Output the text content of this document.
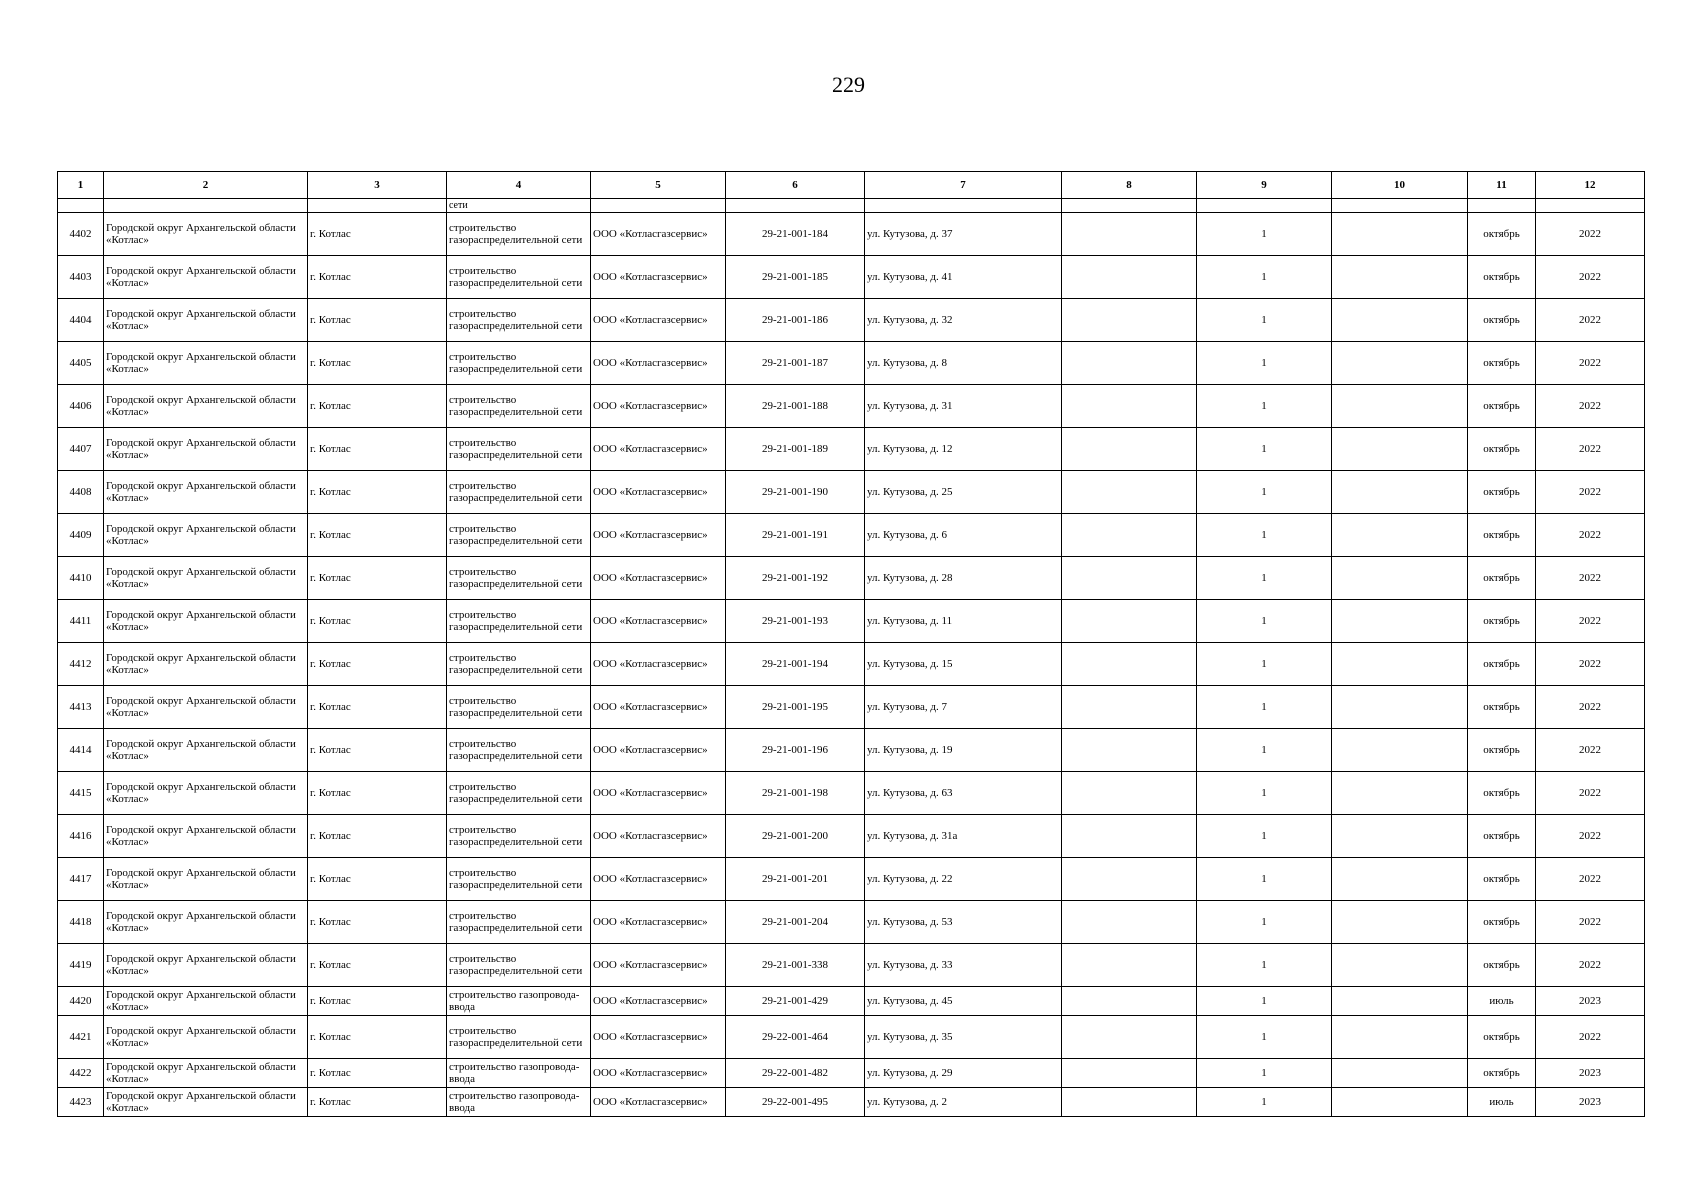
229
1	2	3	4	5	6	7	8	9	10	11	12
			сети								
4402	Городской округ Архангельской области «Котлас»	г. Котлас	строительство газораспределительной сети	ООО «Котласгазсервис»	29-21-001-184	ул. Кутузова, д. 37		1		октябрь	2022
4403	Городской округ Архангельской области «Котлас»	г. Котлас	строительство газораспределительной сети	ООО «Котласгазсервис»	29-21-001-185	ул. Кутузова, д. 41		1		октябрь	2022
4404	Городской округ Архангельской области «Котлас»	г. Котлас	строительство газораспределительной сети	ООО «Котласгазсервис»	29-21-001-186	ул. Кутузова, д. 32		1		октябрь	2022
4405	Городской округ Архангельской области «Котлас»	г. Котлас	строительство газораспределительной сети	ООО «Котласгазсервис»	29-21-001-187	ул. Кутузова, д. 8		1		октябрь	2022
4406	Городской округ Архангельской области «Котлас»	г. Котлас	строительство газораспределительной сети	ООО «Котласгазсервис»	29-21-001-188	ул. Кутузова, д. 31		1		октябрь	2022
4407	Городской округ Архангельской области «Котлас»	г. Котлас	строительство газораспределительной сети	ООО «Котласгазсервис»	29-21-001-189	ул. Кутузова, д. 12		1		октябрь	2022
4408	Городской округ Архангельской области «Котлас»	г. Котлас	строительство газораспределительной сети	ООО «Котласгазсервис»	29-21-001-190	ул. Кутузова, д. 25		1		октябрь	2022
4409	Городской округ Архангельской области «Котлас»	г. Котлас	строительство газораспределительной сети	ООО «Котласгазсервис»	29-21-001-191	ул. Кутузова, д. 6		1		октябрь	2022
4410	Городской округ Архангельской области «Котлас»	г. Котлас	строительство газораспределительной сети	ООО «Котласгазсервис»	29-21-001-192	ул. Кутузова, д. 28		1		октябрь	2022
4411	Городской округ Архангельской области «Котлас»	г. Котлас	строительство газораспределительной сети	ООО «Котласгазсервис»	29-21-001-193	ул. Кутузова, д. 11		1		октябрь	2022
4412	Городской округ Архангельской области «Котлас»	г. Котлас	строительство газораспределительной сети	ООО «Котласгазсервис»	29-21-001-194	ул. Кутузова, д. 15		1		октябрь	2022
4413	Городской округ Архангельской области «Котлас»	г. Котлас	строительство газораспределительной сети	ООО «Котласгазсервис»	29-21-001-195	ул. Кутузова, д. 7		1		октябрь	2022
4414	Городской округ Архангельской области «Котлас»	г. Котлас	строительство газораспределительной сети	ООО «Котласгазсервис»	29-21-001-196	ул. Кутузова, д. 19		1		октябрь	2022
4415	Городской округ Архангельской области «Котлас»	г. Котлас	строительство газораспределительной сети	ООО «Котласгазсервис»	29-21-001-198	ул. Кутузова, д. 63		1		октябрь	2022
4416	Городской округ Архангельской области «Котлас»	г. Котлас	строительство газораспределительной сети	ООО «Котласгазсервис»	29-21-001-200	ул. Кутузова, д. 31а		1		октябрь	2022
4417	Городской округ Архангельской области «Котлас»	г. Котлас	строительство газораспределительной сети	ООО «Котласгазсервис»	29-21-001-201	ул. Кутузова, д. 22		1		октябрь	2022
4418	Городской округ Архангельской области «Котлас»	г. Котлас	строительство газораспределительной сети	ООО «Котласгазсервис»	29-21-001-204	ул. Кутузова, д. 53		1		октябрь	2022
4419	Городской округ Архангельской области «Котлас»	г. Котлас	строительство газораспределительной сети	ООО «Котласгазсервис»	29-21-001-338	ул. Кутузова, д. 33		1		октябрь	2022
4420	Городской округ Архангельской области «Котлас»	г. Котлас	строительство газопровода-ввода	ООО «Котласгазсервис»	29-21-001-429	ул. Кутузова, д. 45		1		июль	2023
4421	Городской округ Архангельской области «Котлас»	г. Котлас	строительство газораспределительной сети	ООО «Котласгазсервис»	29-22-001-464	ул. Кутузова, д. 35		1		октябрь	2022
4422	Городской округ Архангельской области «Котлас»	г. Котлас	строительство газопровода-ввода	ООО «Котласгазсервис»	29-22-001-482	ул. Кутузова, д. 29		1		октябрь	2023
4423	Городской округ Архангельской области «Котлас»	г. Котлас	строительство газопровода-ввода	ООО «Котласгазсервис»	29-22-001-495	ул. Кутузова, д. 2		1		июль	2023
